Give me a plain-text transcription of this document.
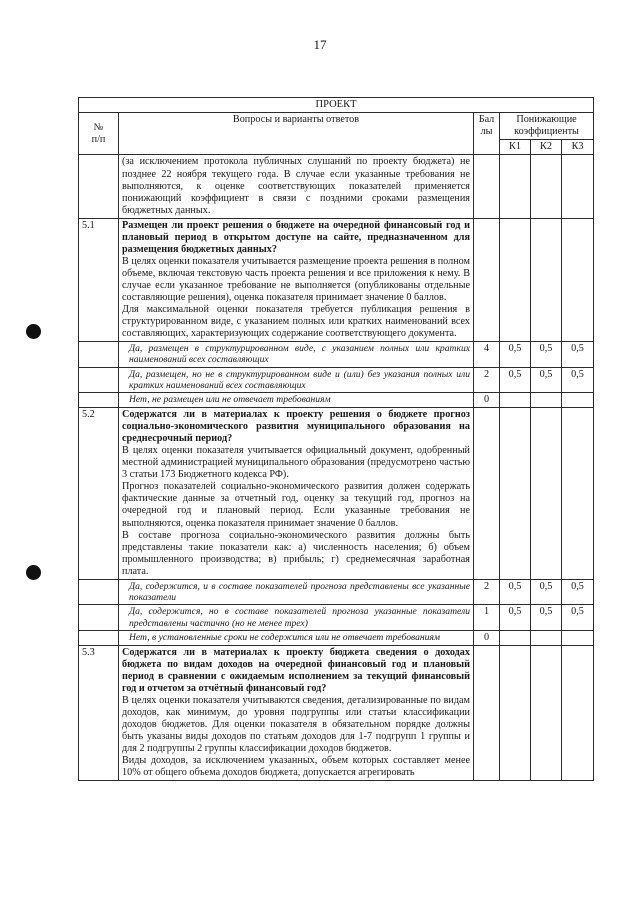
17
ПРОЕКТ					

№
п/п	Вопросы и варианты ответов	Бал
лы	Понижающие
коэффициенты		

			К1	К2	К3
	(за исключением протокола публичных слушаний по проекту бюджета) не позднее 22 ноября текущего года. В случае если указанные требования не выполняются, к оценке соответствующих показателей применяется понижающий коэффициент в связи с поздними сроками размещения бюджетных данных.				
5.1	Размещен ли проект решения о бюджете на очередной финансовый год и плановый период в открытом доступе на сайте, предназначенном для размещения бюджетных данных?
В целях оценки показателя учитывается размещение проекта решения в полном объеме, включая текстовую часть проекта решения и все приложения к нему. В случае если указанное требование не выполняется (опубликованы отдельные составляющие решения), оценка показателя принимает значение 0 баллов.
Для максимальной оценки показателя требуется публикация решения в структурированном виде, с указанием полных или кратких наименований всех составляющих, характеризующих содержание соответствующего документа.				

	Да, размещен в структурированном виде, с указанием полных или кратких наименований всех составляющих	4	0,5	0,5	0,5
	Да, размещен, но не в структурированном виде и (или) без указания полных или кратких наименований всех составляющих	2	0,5	0,5	0,5
	Нет, не размещен или не отвечает требованиям	0			
5.2	Содержатся ли в материалах к проекту решения о бюджете прогноз социально-экономического развития муниципального образования на среднесрочный период?
В целях оценки показателя учитывается официальный документ, одобренный местной администрацией муниципального образования (предусмотрено частью 3 статьи 173 Бюджетного кодекса РФ).
Прогноз показателей социально-экономического развития должен содержать фактические данные за отчетный год, оценку за текущий год, прогноз на очередной год и плановый период. Если указанные требования не выполняются, оценка показателя принимает значение 0 баллов.
В составе прогноза социально-экономического развития должны быть представлены такие показатели как: а) численность населения; б) объем промышленного производства; в) прибыль; г) среднемесячная заработная плата.				

	Да, содержится, и в составе показателей прогноза представлены все указанные показатели	2	0,5	0,5	0,5
	Да, содержится, но в составе показателей прогноза указанные показатели представлены частично (но не менее трех)	1	0,5	0,5	0,5
	Нет, в установленные сроки не содержится или не отвечает требованиям	0			
5.3	Содержатся ли в материалах к проекту бюджета сведения о доходах бюджета по видам доходов на очередной финансовый год и плановый период в сравнении с ожидаемым исполнением за текущий финансовый год и отчетом за отчётный финансовый год?
В целях оценки показателя учитываются сведения, детализированные по видам доходов, как минимум, до уровня подгруппы или статьи классификации доходов бюджетов. Для оценки показателя в обязательном порядке должны быть указаны виды доходов по статьям доходов для 1-7 подгрупп 1 группы и для 2 подгруппы 2 группы классификации доходов бюджетов.
Виды доходов, за исключением указанных, объем которых составляет менее 10% от общего объема доходов бюджета, допускается агрегировать				
